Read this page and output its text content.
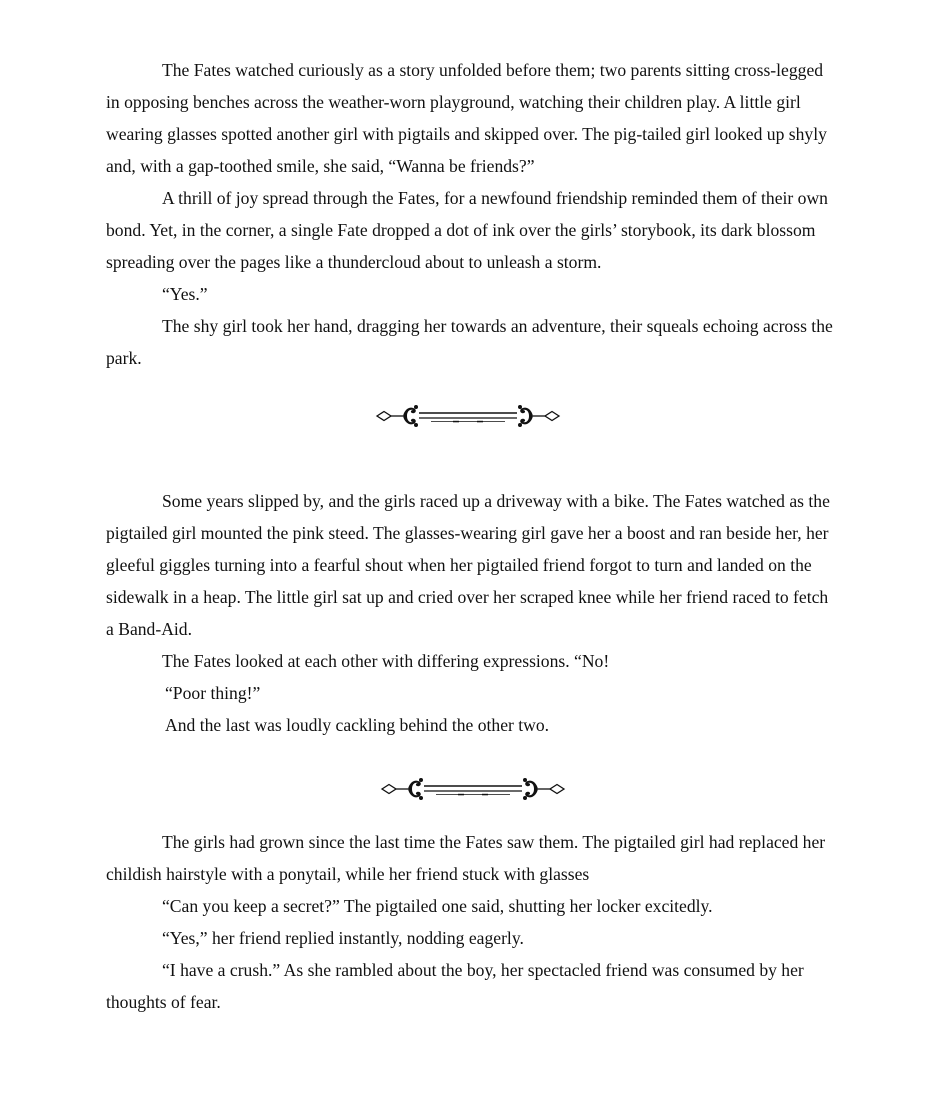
The Fates watched curiously as a story unfolded before them; two parents sitting cross-legged in opposing benches across the weather-worn playground, watching their children play. A little girl wearing glasses spotted another girl with pigtails and skipped over. The pig-tailed girl looked up shyly and, with a gap-toothed smile, she said, “Wanna be friends?”

A thrill of joy spread through the Fates, for a newfound friendship reminded them of their own bond. Yet, in the corner, a single Fate dropped a dot of ink over the girls’ storybook, its dark blossom spreading over the pages like a thundercloud about to unleash a storm.

“Yes.”

The shy girl took her hand, dragging her towards an adventure, their squeals echoing across the park.

Some years slipped by, and the girls raced up a driveway with a bike. The Fates watched as the pigtailed girl mounted the pink steed. The glasses-wearing girl gave her a boost and ran beside her, her gleeful giggles turning into a fearful shout when her pigtailed friend forgot to turn and landed on the sidewalk in a heap. The little girl sat up and cried over her scraped knee while her friend raced to fetch a Band-Aid.

The Fates looked at each other with differing expressions. “No!

“Poor thing!”

And the last was loudly cackling behind the other two.

The girls had grown since the last time the Fates saw them. The pigtailed girl had replaced her childish hairstyle with a ponytail, while her friend stuck with glasses

“Can you keep a secret?” The pigtailed one said, shutting her locker excitedly.

“Yes,” her friend replied instantly, nodding eagerly.

“I have a crush.” As she rambled about the boy, her spectacled friend was consumed by her thoughts of fear.
